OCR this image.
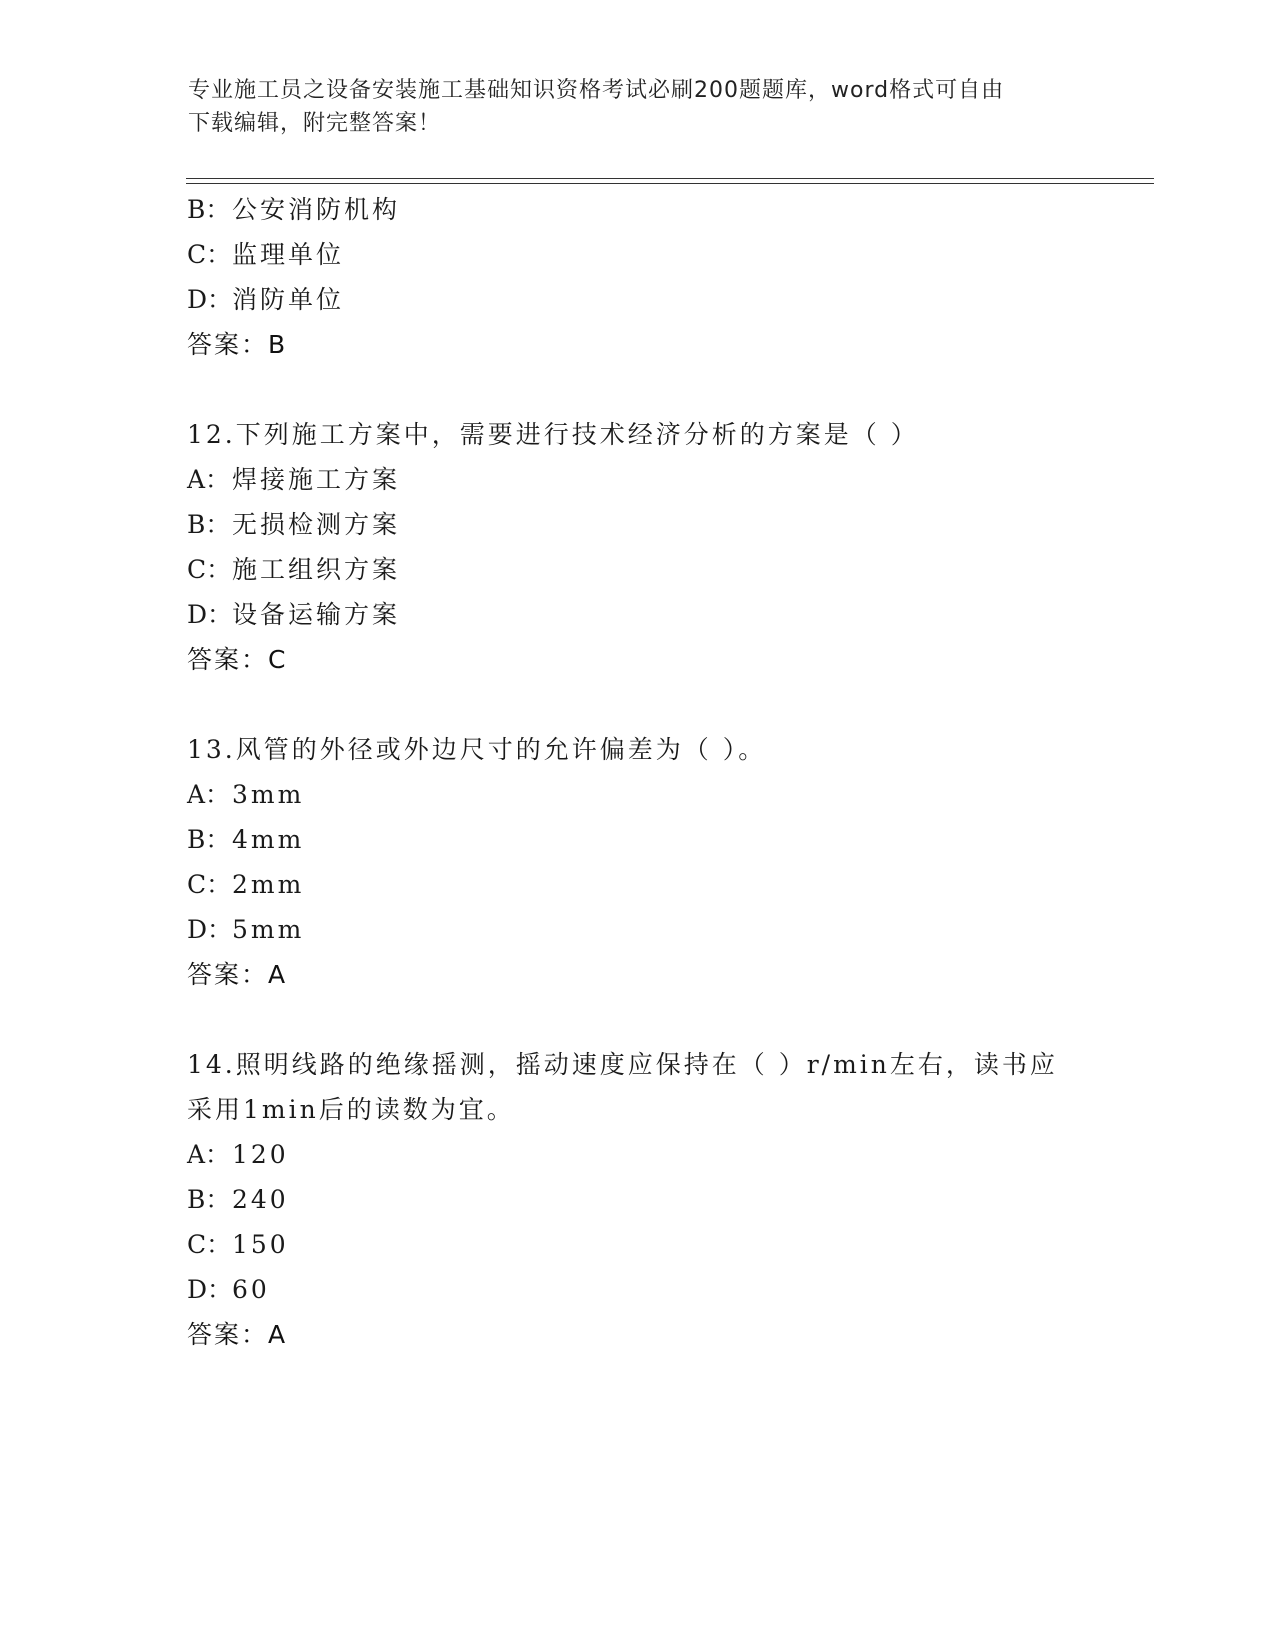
专业施工员之设备安装施工基础知识资格考试必刷200题题库，word格式可自由
下载编辑，附完整答案！
B：公安消防机构
C：监理单位
D：消防单位
答案：B
12.下列施工方案中，需要进行技术经济分析的方案是（ ）
A：焊接施工方案
B：无损检测方案
C：施工组织方案
D：设备运输方案
答案：C
13.风管的外径或外边尺寸的允许偏差为（ ）。
A：3mm
B：4mm
C：2mm
D：5mm
答案：A
14.照明线路的绝缘摇测，摇动速度应保持在（ ）r/min左右，读书应
采用1min后的读数为宜。
A：120
B：240
C：150
D：60
答案：A
